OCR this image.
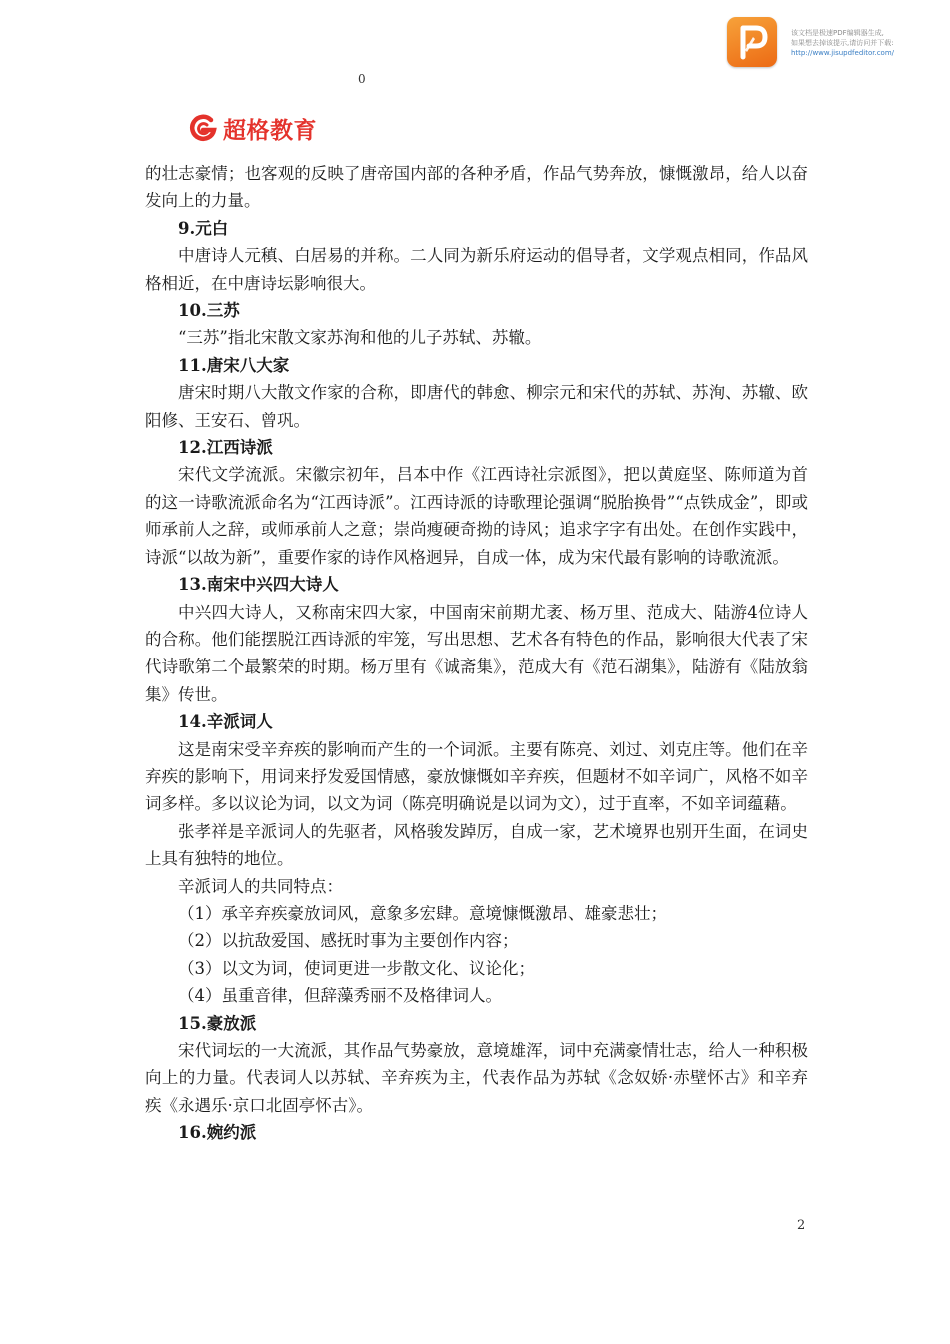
该文档是极速PDF编辑器生成,
如果想去掉该提示,请访问并下载:
http://www.jisupdfeditor.com/
0
超格教育

的壮志豪情；也客观的反映了唐帝国内部的各种矛盾，作品气势奔放，慷慨激昂，给人以奋发向上的力量。

9.元白

中唐诗人元稹、白居易的并称。二人同为新乐府运动的倡导者，文学观点相同，作品风格相近，在中唐诗坛影响很大。

10.三苏

“三苏”指北宋散文家苏洵和他的儿子苏轼、苏辙。

11.唐宋八大家

唐宋时期八大散文作家的合称，即唐代的韩愈、柳宗元和宋代的苏轼、苏洵、苏辙、欧阳修、王安石、曾巩。

12.江西诗派

宋代文学流派。宋徽宗初年，吕本中作《江西诗社宗派图》，把以黄庭坚、陈师道为首的这一诗歌流派命名为“江西诗派”。江西诗派的诗歌理论强调“脱胎换骨”“点铁成金”，即或师承前人之辞，或师承前人之意；崇尚瘦硬奇拗的诗风；追求字字有出处。在创作实践中，诗派“以故为新”，重要作家的诗作风格迥异，自成一体，成为宋代最有影响的诗歌流派。

13.南宋中兴四大诗人

中兴四大诗人，又称南宋四大家，中国南宋前期尤袤、杨万里、范成大、陆游4位诗人的合称。他们能摆脱江西诗派的牢笼，写出思想、艺术各有特色的作品，影响很大代表了宋代诗歌第二个最繁荣的时期。杨万里有《诚斋集》，范成大有《范石湖集》，陆游有《陆放翁集》传世。

14.辛派词人

这是南宋受辛弃疾的影响而产生的一个词派。主要有陈亮、刘过、刘克庄等。他们在辛弃疾的影响下，用词来抒发爱国情感，豪放慷慨如辛弃疾，但题材不如辛词广，风格不如辛词多样。多以议论为词，以文为词（陈亮明确说是以词为文），过于直率，不如辛词蕴藉。

张孝祥是辛派词人的先驱者，风格骏发踔厉，自成一家，艺术境界也别开生面，在词史上具有独特的地位。

辛派词人的共同特点：

（1）承辛弃疾豪放词风，意象多宏肆。意境慷慨激昂、雄豪悲壮；

（2）以抗敌爱国、感抚时事为主要创作内容；

（3）以文为词，使词更进一步散文化、议论化；

（4）虽重音律，但辞藻秀丽不及格律词人。

15.豪放派

宋代词坛的一大流派，其作品气势豪放，意境雄浑，词中充满豪情壮志，给人一种积极向上的力量。代表词人以苏轼、辛弃疾为主，代表作品为苏轼《念奴娇·赤壁怀古》和辛弃疾《永遇乐·京口北固亭怀古》。

16.婉约派

2
